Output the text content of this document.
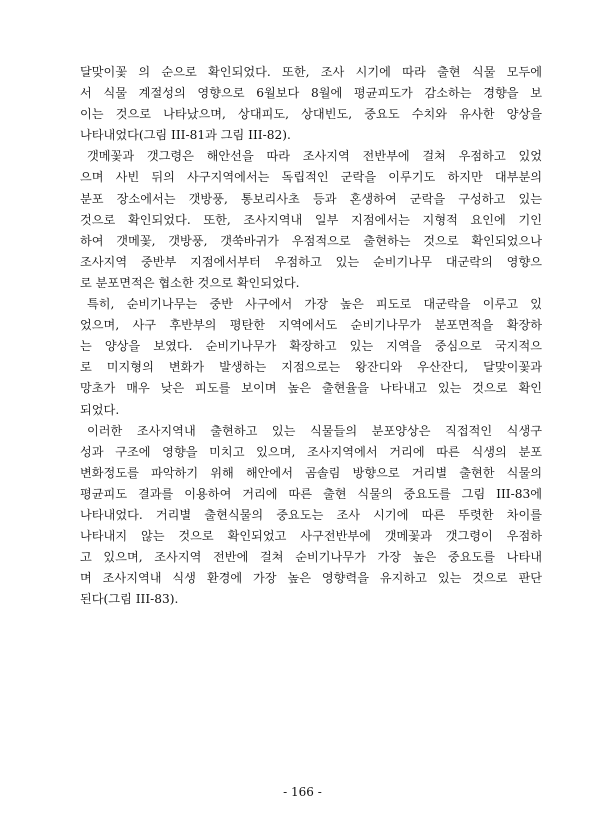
달맞이꽃 의 순으로 확인되었다. 또한, 조사 시기에 따라 출현 식물 모두에
서 식물 계절성의 영향으로 6월보다 8월에 평균피도가 감소하는 경향을 보
이는 것으로 나타났으며, 상대피도, 상대빈도, 중요도 수치와 유사한 양상을
나타내었다(그림 III-81과 그림 III-82).
갯메꽃과 갯그령은 해안선을 따라 조사지역 전반부에 걸쳐 우점하고 있었
으며 사빈 뒤의 사구지역에서는 독립적인 군락을 이루기도 하지만 대부분의
분포 장소에서는 갯방풍, 통보리사초 등과 혼생하여 군락을 구성하고 있는
것으로 확인되었다. 또한, 조사지역내 일부 지점에서는 지형적 요인에 기인
하여 갯메꽃, 갯방풍, 갯쑥바귀가 우점적으로 출현하는 것으로 확인되었으나
조사지역 중반부 지점에서부터 우점하고 있는 순비기나무 대군락의 영향으
로 분포면적은 협소한 것으로 확인되었다.
특히, 순비기나무는 중반 사구에서 가장 높은 피도로 대군락을 이루고 있
었으며, 사구 후반부의 평탄한 지역에서도 순비기나무가 분포면적을 확장하
는 양상을 보였다. 순비기나무가 확장하고 있는 지역을 중심으로 국지적으
로 미지형의 변화가 발생하는 지점으로는 왕잔디와 우산잔디, 달맞이꽃과
망초가 매우 낮은 피도를 보이며 높은 출현율을 나타내고 있는 것으로 확인
되었다.
이러한 조사지역내 출현하고 있는 식물들의 분포양상은 직접적인 식생구
성과 구조에 영향을 미치고 있으며, 조사지역에서 거리에 따른 식생의 분포
변화정도를 파악하기 위해 해안에서 곰솔림 방향으로 거리별 출현한 식물의
평균피도 결과를 이용하여 거리에 따른 출현 식물의 중요도를 그림 III-83에
나타내었다. 거리별 출현식물의 중요도는 조사 시기에 따른 뚜렷한 차이를
나타내지 않는 것으로 확인되었고 사구전반부에 갯메꽃과 갯그령이 우점하
고 있으며, 조사지역 전반에 걸쳐 순비기나무가 가장 높은 중요도를 나타내
며 조사지역내 식생 환경에 가장 높은 영향력을 유지하고 있는 것으로 판단
된다(그림 III-83).
- 166 -
